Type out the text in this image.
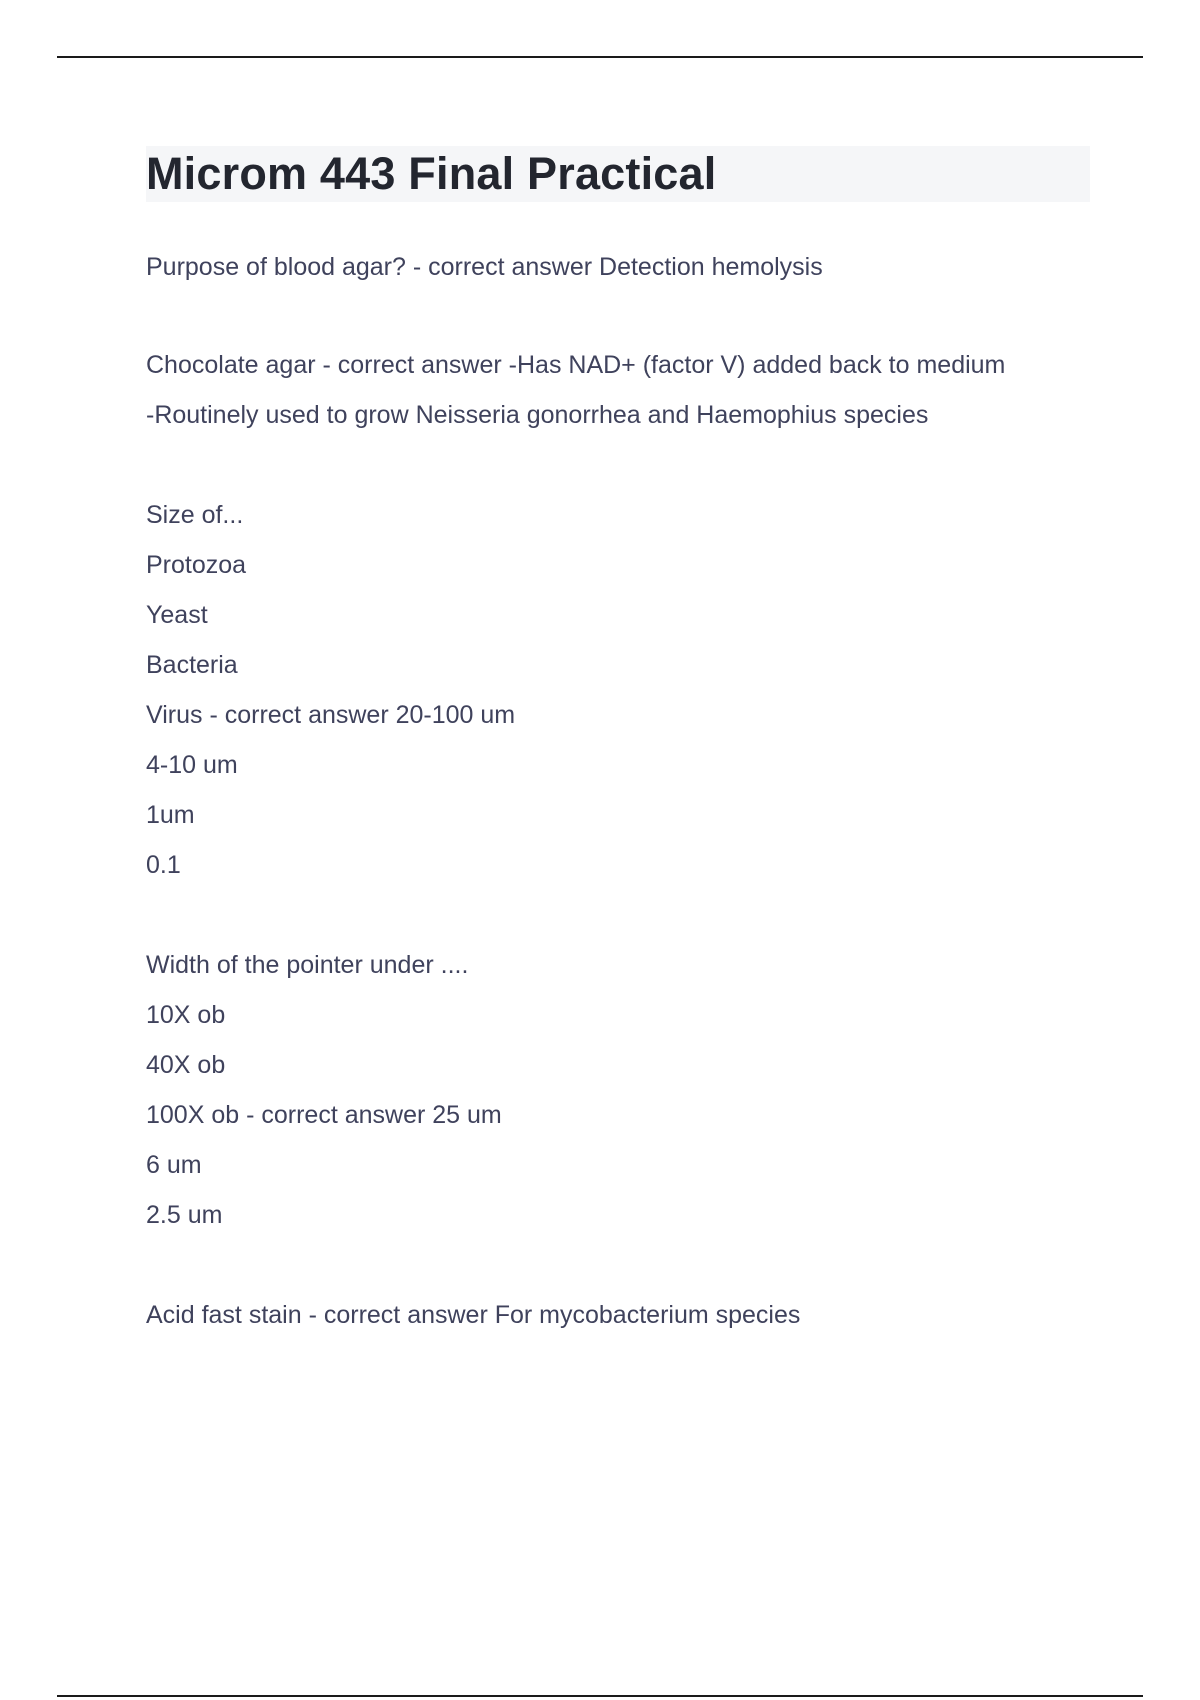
Microm 443 Final Practical

Purpose of blood agar? - correct answer Detection hemolysis

Chocolate agar - correct answer -Has NAD+ (factor V) added back to medium

-Routinely used to grow Neisseria gonorrhea and Haemophius species

Size of...

Protozoa

Yeast

Bacteria

Virus - correct answer 20-100 um

4-10 um

1um

0.1

Width of the pointer under ....

10X ob

40X ob

100X ob - correct answer 25 um

6 um

2.5 um

Acid fast stain - correct answer For mycobacterium species
